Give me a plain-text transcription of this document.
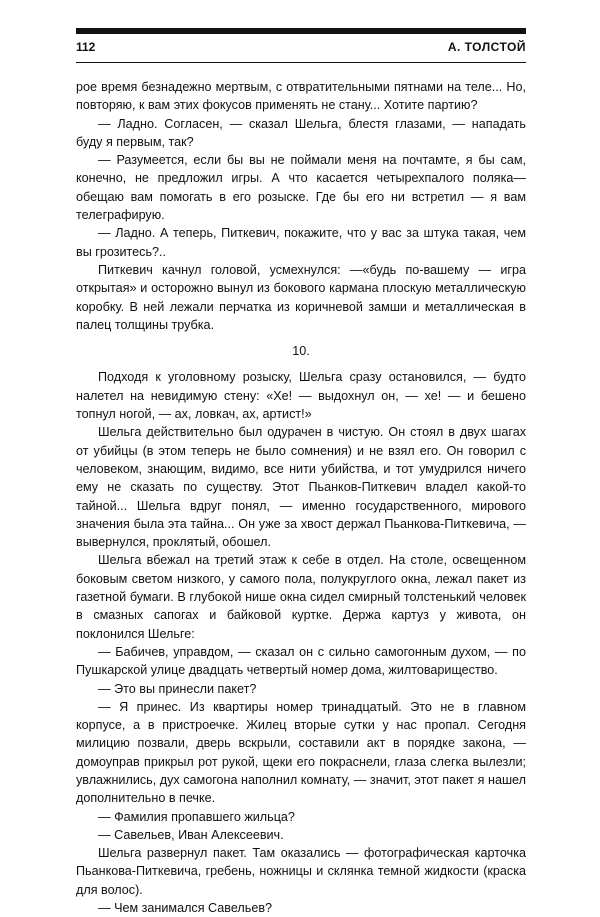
112	А. ТОЛСТОЙ

рое время безнадежно мертвым, с отвратительными пятнами на теле... Но, повторяю, к вам этих фокусов применять не стану... Хотите партию?

— Ладно. Согласен, — сказал Шельга, блестя глазами, — нападать буду я первым, так?

— Разумеется, если бы вы не поймали меня на почтамте, я бы сам, конечно, не предложил игры. А что касается четырехпалого поляка—обещаю вам помогать в его розыске. Где бы его ни встретил — я вам телеграфирую.

— Ладно. А теперь, Питкевич, покажите, что у вас за штука такая, чем вы грозитесь?..

Питкевич качнул головой, усмехнулся: —«будь по-вашему — игра открытая» и осторожно вынул из бокового кармана плоскую металлическую коробку. В ней лежали перчатка из коричневой замши и металлическая в палец толщины трубка.

10.

Подходя к уголовному розыску, Шельга сразу остановился, — будто налетел на невидимую стену: «Хе! — выдохнул он, — хе! — и бешено топнул ногой, — ах, ловкач, ах, артист!»

Шельга действительно был одурачен в чистую. Он стоял в двух шагах от убийцы (в этом теперь не было сомнения) и не взял его. Он говорил с человеком, знающим, видимо, все нити убийства, и тот умудрился ничего ему не сказать по существу. Этот Пьанков-Питкевич владел какой-то тайной... Шельга вдруг понял, — именно государственного, мирового значения была эта тайна... Он уже за хвост держал Пьанкова-Питкевича, — вывернулся, проклятый, обошел.

Шельга вбежал на третий этаж к себе в отдел. На столе, освещенном боковым светом низкого, у самого пола, полукруглого окна, лежал пакет из газетной бумаги. В глубокой нише окна сидел смирный толстенький человек в смазных сапогах и байковой куртке. Держа картуз у живота, он поклонился Шельге:

— Бабичев, управдом, — сказал он с сильно самогонным духом, — по Пушкарской улице двадцать четвертый номер дома, жилтоварищество.

— Это вы принесли пакет?

— Я принес. Из квартиры номер тринадцатый. Это не в главном корпусе, а в пристроечке. Жилец вторые сутки у нас пропал. Сегодня милицию позвали, дверь вскрыли, составили акт в порядке закона, — домоуправ прикрыл рот рукой, щеки его покраснели, глаза слегка вылезли; увлажнились, дух самогона наполнил комнату, — значит, этот пакет я нашел дополнительно в печке.

— Фамилия пропавшего жильца?

— Савельев, Иван Алексеевич.

Шельга развернул пакет. Там оказались — фотографическая карточка Пьанкова-Питкевича, гребень, ножницы и склянка темной жидкости (краска для волос).

— Чем занимался Савельев?
